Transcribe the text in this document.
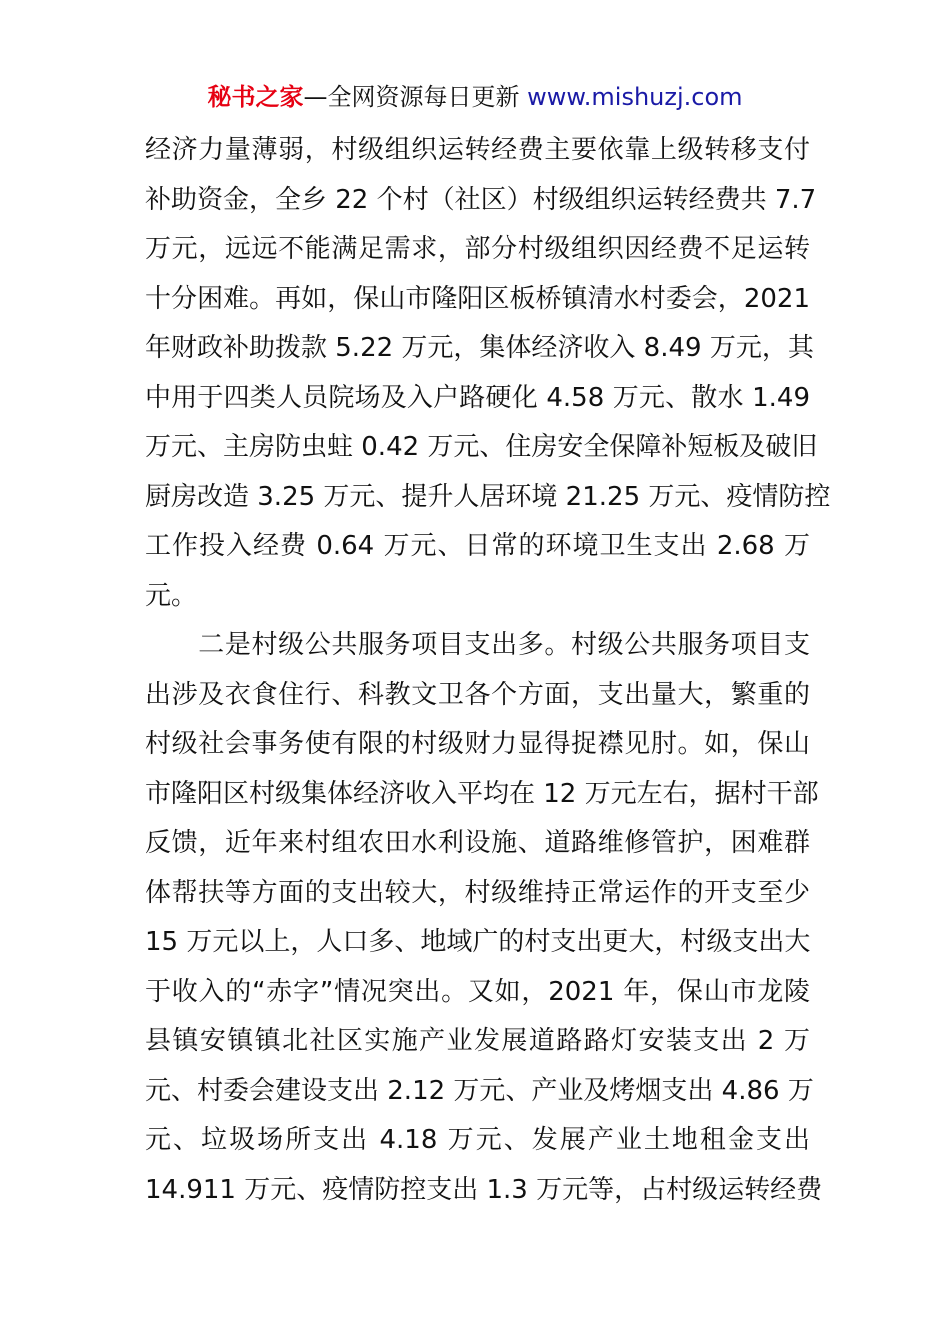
秘书之家—全网资源每日更新 www.mishuzj.com
经济力量薄弱，村级组织运转经费主要依靠上级转移支付
补助资金，全乡 22 个村（社区）村级组织运转经费共 7.7
万元，远远不能满足需求，部分村级组织因经费不足运转
十分困难。再如，保山市隆阳区板桥镇清水村委会，2021
年财政补助拨款 5.22 万元，集体经济收入 8.49 万元，其
中用于四类人员院场及入户路硬化 4.58 万元、散水 1.49
万元、主房防虫蛀 0.42 万元、住房安全保障补短板及破旧
厨房改造 3.25 万元、提升人居环境 21.25 万元、疫情防控
工作投入经费 0.64 万元、日常的环境卫生支出 2.68 万
元。
　　二是村级公共服务项目支出多。村级公共服务项目支
出涉及衣食住行、科教文卫各个方面，支出量大，繁重的
村级社会事务使有限的村级财力显得捉襟见肘。如，保山
市隆阳区村级集体经济收入平均在 12 万元左右，据村干部
反馈，近年来村组农田水利设施、道路维修管护，困难群
体帮扶等方面的支出较大，村级维持正常运作的开支至少
15 万元以上，人口多、地域广的村支出更大，村级支出大
于收入的“赤字”情况突出。又如，2021 年，保山市龙陵
县镇安镇镇北社区实施产业发展道路路灯安装支出 2 万
元、村委会建设支出 2.12 万元、产业及烤烟支出 4.86 万
元、垃圾场所支出 4.18 万元、发展产业土地租金支出
14.911 万元、疫情防控支出 1.3 万元等，占村级运转经费
